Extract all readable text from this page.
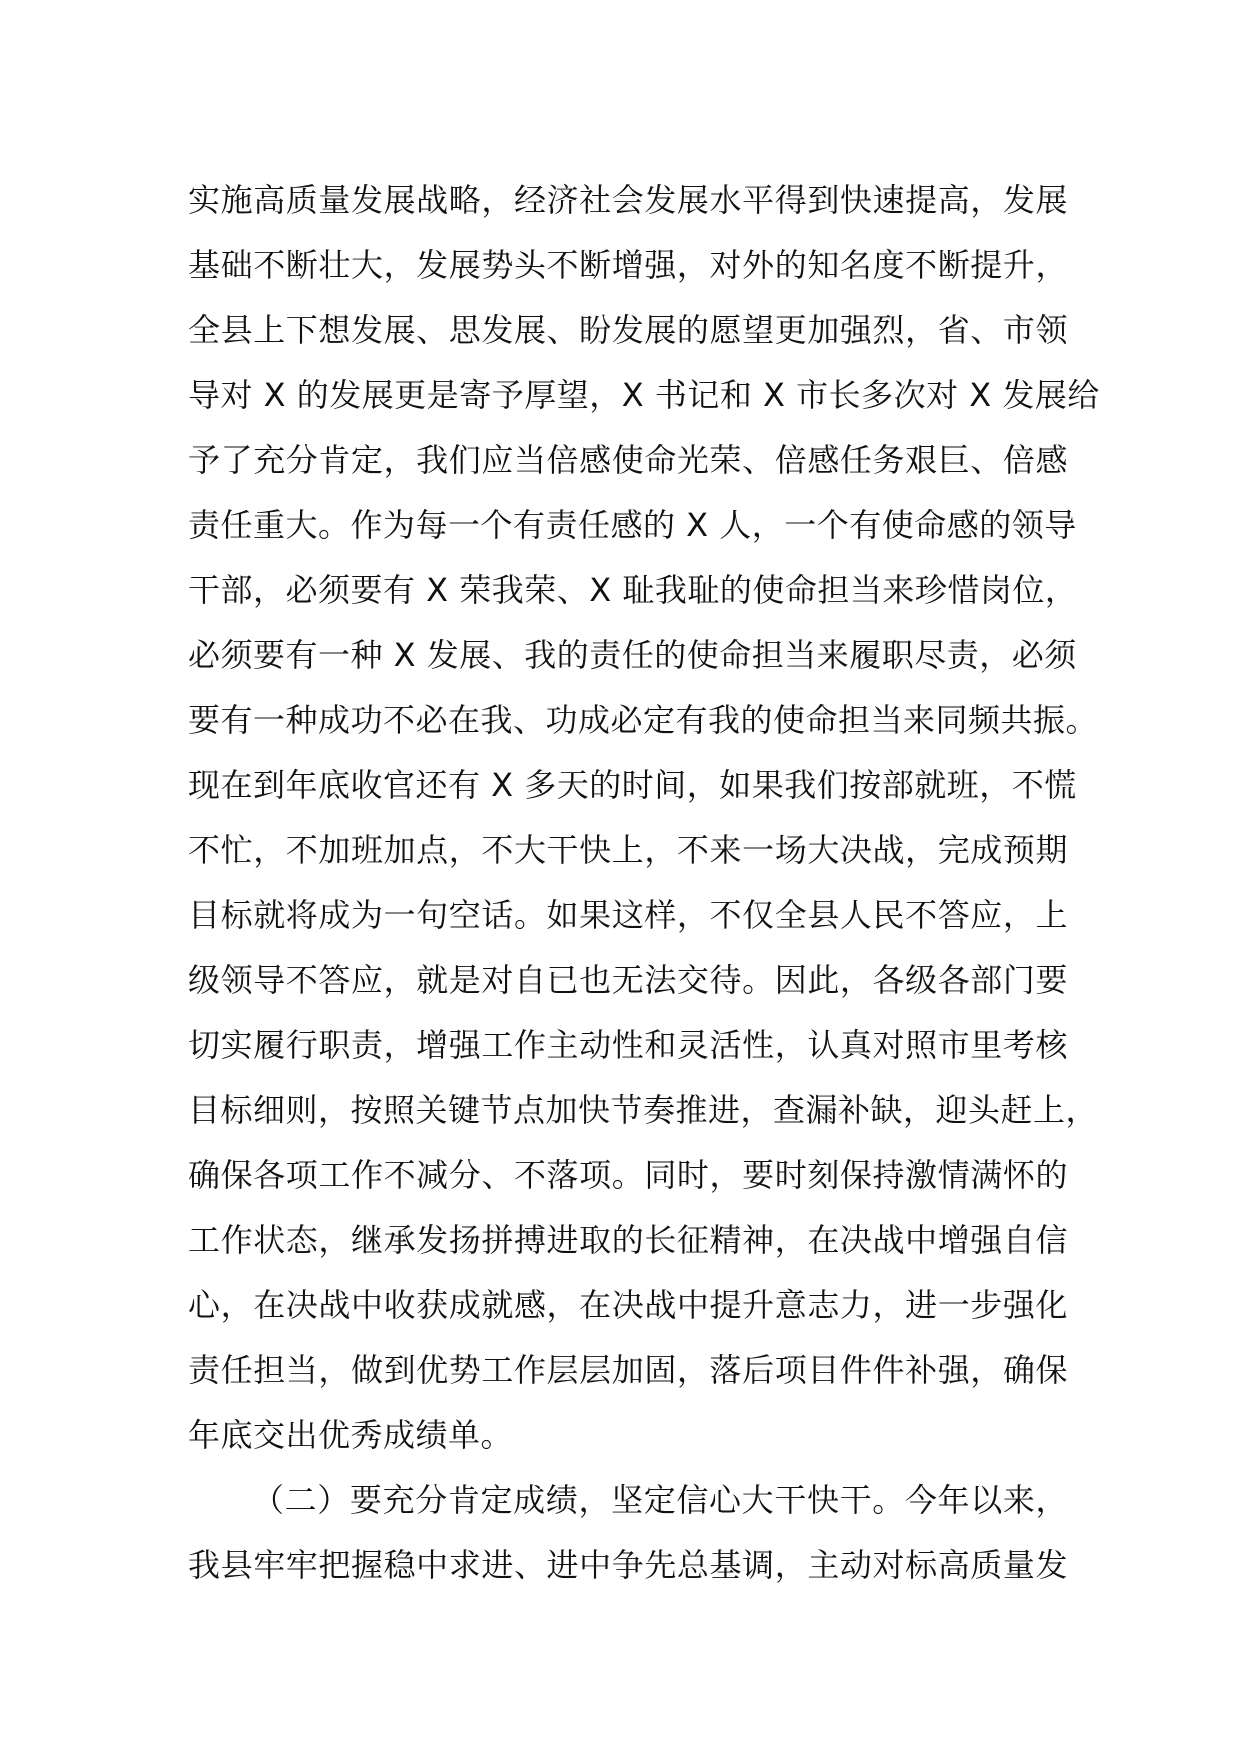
实施高质量发展战略，经济社会发展水平得到快速提高，发展
基础不断壮大，发展势头不断增强，对外的知名度不断提升，
全县上下想发展、思发展、盼发展的愿望更加强烈，省、市领
导对 X 的发展更是寄予厚望，X 书记和 X 市长多次对 X 发展给
予了充分肯定，我们应当倍感使命光荣、倍感任务艰巨、倍感
责任重大。作为每一个有责任感的 X 人，一个有使命感的领导
干部，必须要有 X 荣我荣、X 耻我耻的使命担当来珍惜岗位，
必须要有一种 X 发展、我的责任的使命担当来履职尽责，必须
要有一种成功不必在我、功成必定有我的使命担当来同频共振。
现在到年底收官还有 X 多天的时间，如果我们按部就班，不慌
不忙，不加班加点，不大干快上，不来一场大决战，完成预期
目标就将成为一句空话。如果这样，不仅全县人民不答应，上
级领导不答应，就是对自已也无法交待。因此，各级各部门要
切实履行职责，增强工作主动性和灵活性，认真对照市里考核
目标细则，按照关键节点加快节奏推进，查漏补缺，迎头赶上，
确保各项工作不减分、不落项。同时，要时刻保持激情满怀的
工作状态，继承发扬拼搏进取的长征精神，在决战中增强自信
心，在决战中收获成就感，在决战中提升意志力，进一步强化
责任担当，做到优势工作层层加固，落后项目件件补强，确保
年底交出优秀成绩单。
（二）要充分肯定成绩，坚定信心大干快干。今年以来，
我县牢牢把握稳中求进、进中争先总基调，主动对标高质量发
